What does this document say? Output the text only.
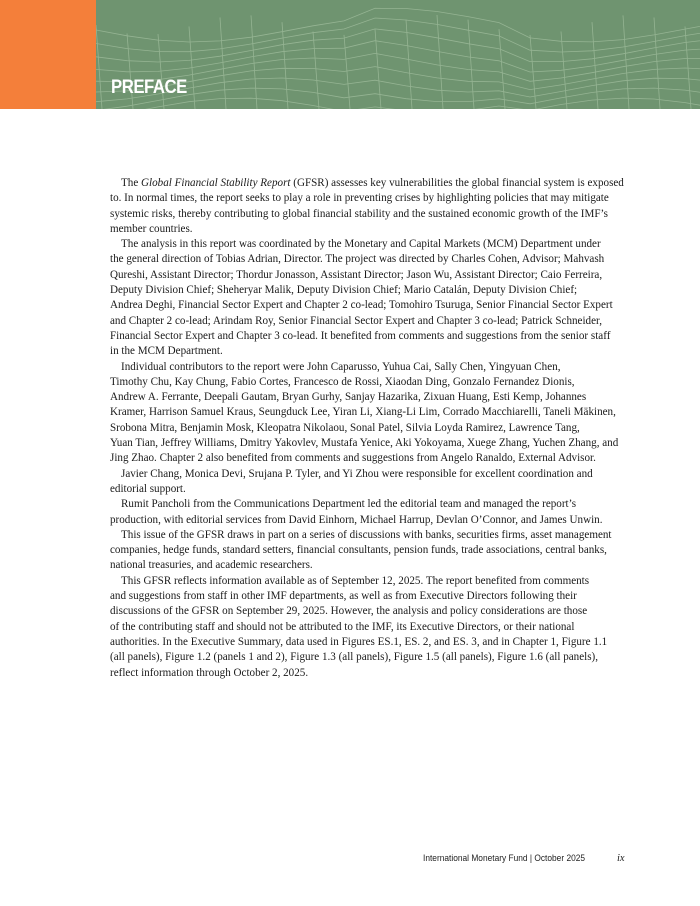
PREFACE
The Global Financial Stability Report (GFSR) assesses key vulnerabilities the global financial system is exposed
to. In normal times, the report seeks to play a role in preventing crises by highlighting policies that may mitigate
systemic risks, thereby contributing to global financial stability and the sustained economic growth of the IMF’s
member countries.
The analysis in this report was coordinated by the Monetary and Capital Markets (MCM) Department under
the general direction of Tobias Adrian, Director. The project was directed by Charles Cohen, Advisor; Mahvash
Qureshi, Assistant Director; Thordur Jonasson, Assistant Director; Jason Wu, Assistant Director; Caio Ferreira,
Deputy Division Chief; Sheheryar Malik, Deputy Division Chief; Mario Catalán, Deputy Division Chief;
Andrea Deghi, Financial Sector Expert and Chapter 2 co-lead; Tomohiro Tsuruga, Senior Financial Sector Expert
and Chapter 2 co-lead; Arindam Roy, Senior Financial Sector Expert and Chapter 3 co-lead; Patrick Schneider,
Financial Sector Expert and Chapter 3 co-lead. It benefited from comments and suggestions from the senior staff
in the MCM Department.
Individual contributors to the report were John Caparusso, Yuhua Cai, Sally Chen, Yingyuan Chen,
Timothy Chu, Kay Chung, Fabio Cortes, Francesco de Rossi, Xiaodan Ding, Gonzalo Fernandez Dionis,
Andrew A. Ferrante, Deepali Gautam, Bryan Gurhy, Sanjay Hazarika, Zixuan Huang, Esti Kemp, Johannes
Kramer, Harrison Samuel Kraus, Seungduck Lee, Yiran Li, Xiang-Li Lim, Corrado Macchiarelli, Taneli Mäkinen,
Srobona Mitra, Benjamin Mosk, Kleopatra Nikolaou, Sonal Patel, Silvia Loyda Ramirez, Lawrence Tang,
Yuan Tian, Jeffrey Williams, Dmitry Yakovlev, Mustafa Yenice, Aki Yokoyama, Xuege Zhang, Yuchen Zhang, and
Jing Zhao. Chapter 2 also benefited from comments and suggestions from Angelo Ranaldo, External Advisor.
Javier Chang, Monica Devi, Srujana P. Tyler, and Yi Zhou were responsible for excellent coordination and
editorial support.
Rumit Pancholi from the Communications Department led the editorial team and managed the report’s
production, with editorial services from David Einhorn, Michael Harrup, Devlan O’Connor, and James Unwin.
This issue of the GFSR draws in part on a series of discussions with banks, securities firms, asset management
companies, hedge funds, standard setters, financial consultants, pension funds, trade associations, central banks,
national treasuries, and academic researchers.
This GFSR reflects information available as of September 12, 2025. The report benefited from comments
and suggestions from staff in other IMF departments, as well as from Executive Directors following their
discussions of the GFSR on September 29, 2025. However, the analysis and policy considerations are those
of the contributing staff and should not be attributed to the IMF, its Executive Directors, or their national
authorities. In the Executive Summary, data used in Figures ES.1, ES. 2, and ES. 3, and in Chapter 1, Figure 1.1
(all panels), Figure 1.2 (panels 1 and 2), Figure 1.3 (all panels), Figure 1.5 (all panels), Figure 1.6 (all panels),
reflect information through October 2, 2025.
International Monetary Fund | October 2025	ix
